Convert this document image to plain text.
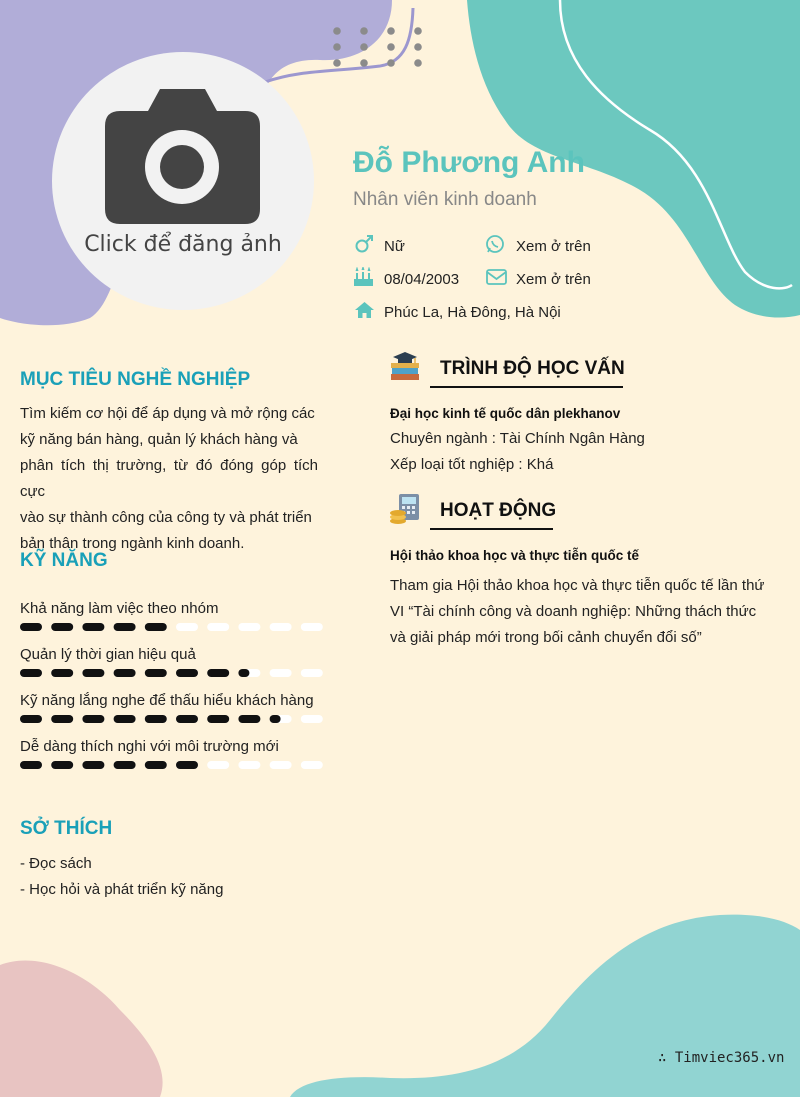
Click để đăng ảnh
Đỗ Phương Anh
Nhân viên kinh doanh
Nữ	Xem ở trên
08/04/2003	Xem ở trên
Phúc La, Hà Đông, Hà Nội
MỤC TIÊU NGHỀ NGHIỆP
Tìm kiếm cơ hội để áp dụng và mở rộng các
kỹ năng bán hàng, quản lý khách hàng và
phân tích thị trường, từ đó đóng góp tích cực
vào sự thành công của công ty và phát triển
bản thân trong ngành kinh doanh.
KỸ NĂNG
Khả năng làm việc theo nhóm
Quản lý thời gian hiệu quả
Kỹ năng lắng nghe để thấu hiểu khách hàng
Dễ dàng thích nghi với môi trường mới
SỞ THÍCH
- Đọc sách
- Học hỏi và phát triển kỹ năng
TRÌNH ĐỘ HỌC VẤN
Đại học kinh tế quốc dân plekhanov
Chuyên ngành : Tài Chính Ngân Hàng
Xếp loại tốt nghiệp : Khá
HOẠT ĐỘNG
Hội thảo khoa học và thực tiễn quốc tế
Tham gia Hội thảo khoa học và thực tiễn quốc tế lần thứ
VI “Tài chính công và doanh nghiệp: Những thách thức
và giải pháp mới trong bối cảnh chuyển đổi số”
∴ Timviec365.vn
